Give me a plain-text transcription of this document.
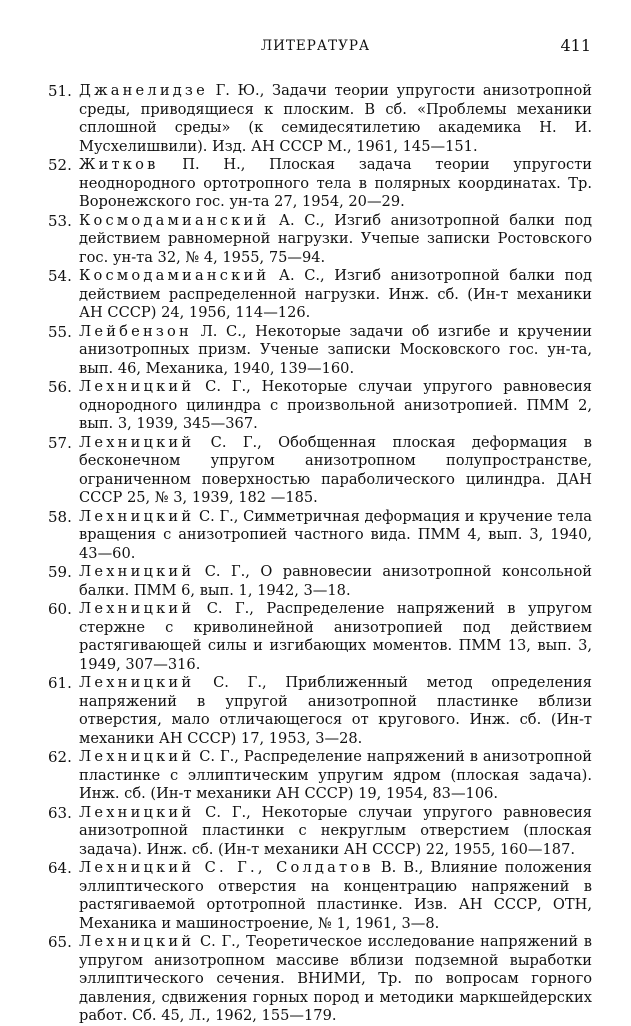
ЛИТЕРАТУРА	411
51. Джанелидзе Г. Ю., Задачи теории упругости анизотропной среды, приводящиеся к плоским. В сб. «Проблемы механики сплошной среды» (к семидесятилетию академика Н. И. Мусхелишвили). Изд. АН СССР М., 1961, 145—151.

52. Житков П. Н., Плоская задача теории упругости неоднородного ортотропного тела в полярных координатах. Тр. Воронежского гос. ун-та 27, 1954, 20—29.

53. Космодамианский А. С., Изгиб анизотропной балки под действием равномерной нагрузки. Учепые записки Ростовского гос. ун-та 32, № 4, 1955, 75—94.

54. Космодамианский А. С., Изгиб анизотропной балки под действием распределенной нагрузки. Инж. сб. (Ин-т механики АН СССР) 24, 1956, 114—126.

55. Лейбензон Л. С., Некоторые задачи об изгибе и кручении анизотропных призм. Ученые записки Московского гос. ун-та, вып. 46, Механика, 1940, 139—160.

56. Лехницкий С. Г., Некоторые случаи упругого равновесия однородного цилиндра с произвольной анизотропией. ПММ 2, вып. 3, 1939, 345—367.

57. Лехницкий С. Г., Обобщенная плоская деформация в бесконечном упругом анизотропном полупространстве, ограниченном поверхностью параболического цилиндра. ДАН СССР 25, № 3, 1939, 182 —185.

58. Лехницкий С. Г., Симметричная деформация и кручение тела вращения с анизотропией частного вида. ПММ 4, вып. 3, 1940, 43—60.

59. Лехницкий С. Г., О равновесии анизотропной консольной балки. ПММ 6, вып. 1, 1942, 3—18.

60. Лехницкий С. Г., Распределение напряжений в упругом стержне с криволинейной анизотропией под действием растягивающей силы и изгибающих моментов. ПММ 13, вып. 3, 1949, 307—316.

61. Лехницкий С. Г., Приближенный метод определения напряжений в упругой анизотропной пластинке вблизи отверстия, мало отличающегося от кругового. Инж. сб. (Ин-т механики АН СССР) 17, 1953, 3—28.

62. Лехницкий С. Г., Распределение напряжений в анизотропной пластинке с эллиптическим упругим ядром (плоская задача). Инж. сб. (Ин-т механики АН СССР) 19, 1954, 83—106.

63. Лехницкий С. Г., Некоторые случаи упругого равновесия анизотропной пластинки с некруглым отверстием (плоская задача). Инж. сб. (Ин-т механики АН СССР) 22, 1955, 160—187.

64. Лехницкий С. Г., Солдатов В. В., Влияние положения эллиптического отверстия на концентрацию напряжений в растягиваемой ортотропной пластинке. Изв. АН СССР, ОТН, Механика и машиностроение, № 1, 1961, 3—8.

65. Лехницкий С. Г., Теоретическое исследование напряжений в упругом анизотропном массиве вблизи подземной выработки эллиптического сечения. ВНИМИ, Тр. по вопросам горного давления, сдвижения горных пород и методики маркшейдерских работ. Сб. 45, Л., 1962, 155—179.
